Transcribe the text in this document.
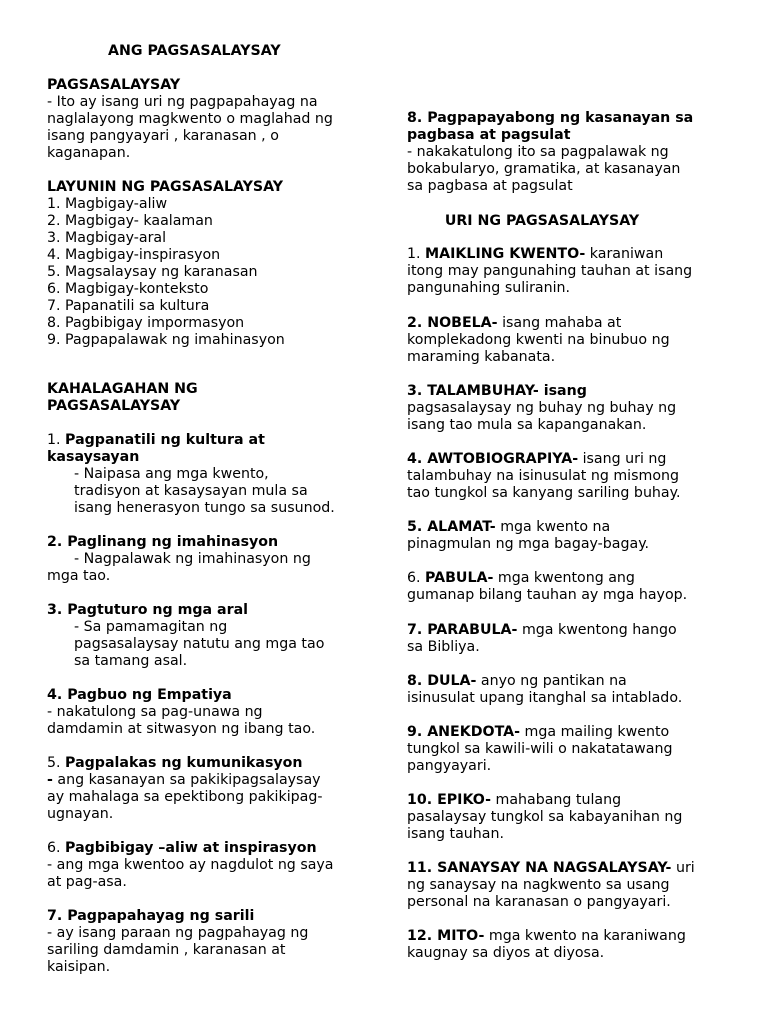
ANG PAGSASALAYSAY
PAGSASALAYSAY
- Ito ay isang uri ng pagpapahayag na
naglalayong magkwento o maglahad ng
isang pangyayari , karanasan , o
kaganapan.
LAYUNIN NG PAGSASALAYSAY
1. Magbigay-aliw
2. Magbigay- kaalaman
3. Magbigay-aral
4. Magbigay-inspirasyon
5. Magsalaysay ng karanasan
6. Magbigay-konteksto
7. Papanatili sa kultura
8. Pagbibigay impormasyon
9. Pagpapalawak ng imahinasyon
KAHALAGAHAN NG
PAGSASALAYSAY
1. Pagpanatili ng kultura at
kasaysayan
- Naipasa ang mga kwento,
tradisyon at kasaysayan mula sa
isang henerasyon tungo sa susunod.
2. Paglinang ng imahinasyon
- Nagpalawak ng imahinasyon ng
mga tao.
3. Pagtuturo ng mga aral
- Sa pamamagitan ng
pagsasalaysay natutu ang mga tao
sa tamang asal.
4. Pagbuo ng Empatiya
- nakatulong sa pag-unawa ng
damdamin at sitwasyon ng ibang tao.
5. Pagpalakas ng kumunikasyon
- ang kasanayan sa pakikipagsalaysay
ay mahalaga sa epektibong pakikipag-
ugnayan.
6. Pagbibigay –aliw at inspirasyon
- ang mga kwentoo ay nagdulot ng saya
at pag-asa.
7. Pagpapahayag ng sarili
- ay isang paraan ng pagpahayag ng
sariling damdamin , karanasan at
kaisipan.
8. Pagpapayabong ng kasanayan sa
pagbasa at pagsulat
- nakakatulong ito sa pagpalawak ng
bokabularyo, gramatika, at kasanayan
sa pagbasa at pagsulat
URI NG PAGSASALAYSAY
1. MAIKLING KWENTO- karaniwan
itong may pangunahing tauhan at isang
pangunahing suliranin.
2. NOBELA- isang mahaba at
komplekadong kwenti na binubuo ng
maraming kabanata.
3. TALAMBUHAY- isang
pagsasalaysay ng buhay ng buhay ng
isang tao mula sa kapanganakan.
4. AWTOBIOGRAPIYA- isang uri ng
talambuhay na isinusulat ng mismong
tao tungkol sa kanyang sariling buhay.
5. ALAMAT- mga kwento na
pinagmulan ng mga bagay-bagay.
6. PABULA- mga kwentong ang
gumanap bilang tauhan ay mga hayop.
7. PARABULA- mga kwentong hango
sa Bibliya.
8. DULA- anyo ng pantikan na
isinusulat upang itanghal sa intablado.
9. ANEKDOTA- mga mailing kwento
tungkol sa kawili-wili o nakatatawang
pangyayari.
10. EPIKO- mahabang tulang
pasalaysay tungkol sa kabayanihan ng
isang tauhan.
11. SANAYSAY NA NAGSALAYSAY- uri
ng sanaysay na nagkwento sa usang
personal na karanasan o pangyayari.
12. MITO- mga kwento na karaniwang
kaugnay sa diyos at diyosa.
